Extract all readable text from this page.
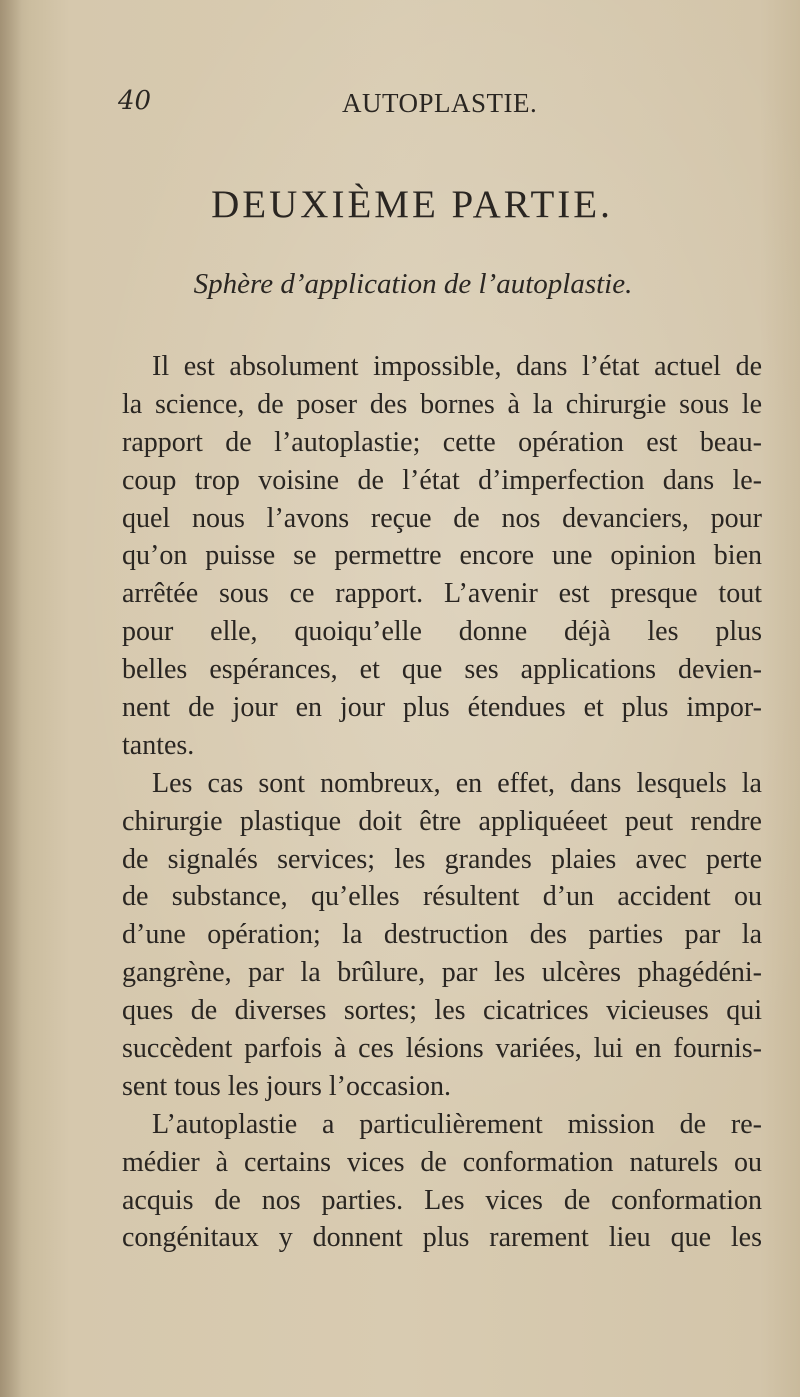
40	AUTOPLASTIE.
DEUXIÈME PARTIE.
Sphère d’application de l’autoplastie.
Il est absolument impossible, dans l’état actuel de
la science, de poser des bornes à la chirurgie sous le
rapport de l’autoplastie; cette opération est beau-
coup trop voisine de l’état d’imperfection dans le-
quel nous l’avons reçue de nos devanciers, pour
qu’on puisse se permettre encore une opinion bien
arrêtée sous ce rapport. L’avenir est presque tout
pour elle, quoiqu’elle donne déjà les plus
belles espérances, et que ses applications devien-
nent de jour en jour plus étendues et plus impor-
tantes.
Les cas sont nombreux, en effet, dans lesquels la
chirurgie plastique doit être appliquéeet peut rendre
de signalés services; les grandes plaies avec perte
de substance, qu’elles résultent d’un accident ou
d’une opération; la destruction des parties par la
gangrène, par la brûlure, par les ulcères phagédéni-
ques de diverses sortes; les cicatrices vicieuses qui
succèdent parfois à ces lésions variées, lui en fournis-
sent tous les jours l’occasion.
L’autoplastie a particulièrement mission de re-
médier à certains vices de conformation naturels ou
acquis de nos parties. Les vices de conformation
congénitaux y donnent plus rarement lieu que les
